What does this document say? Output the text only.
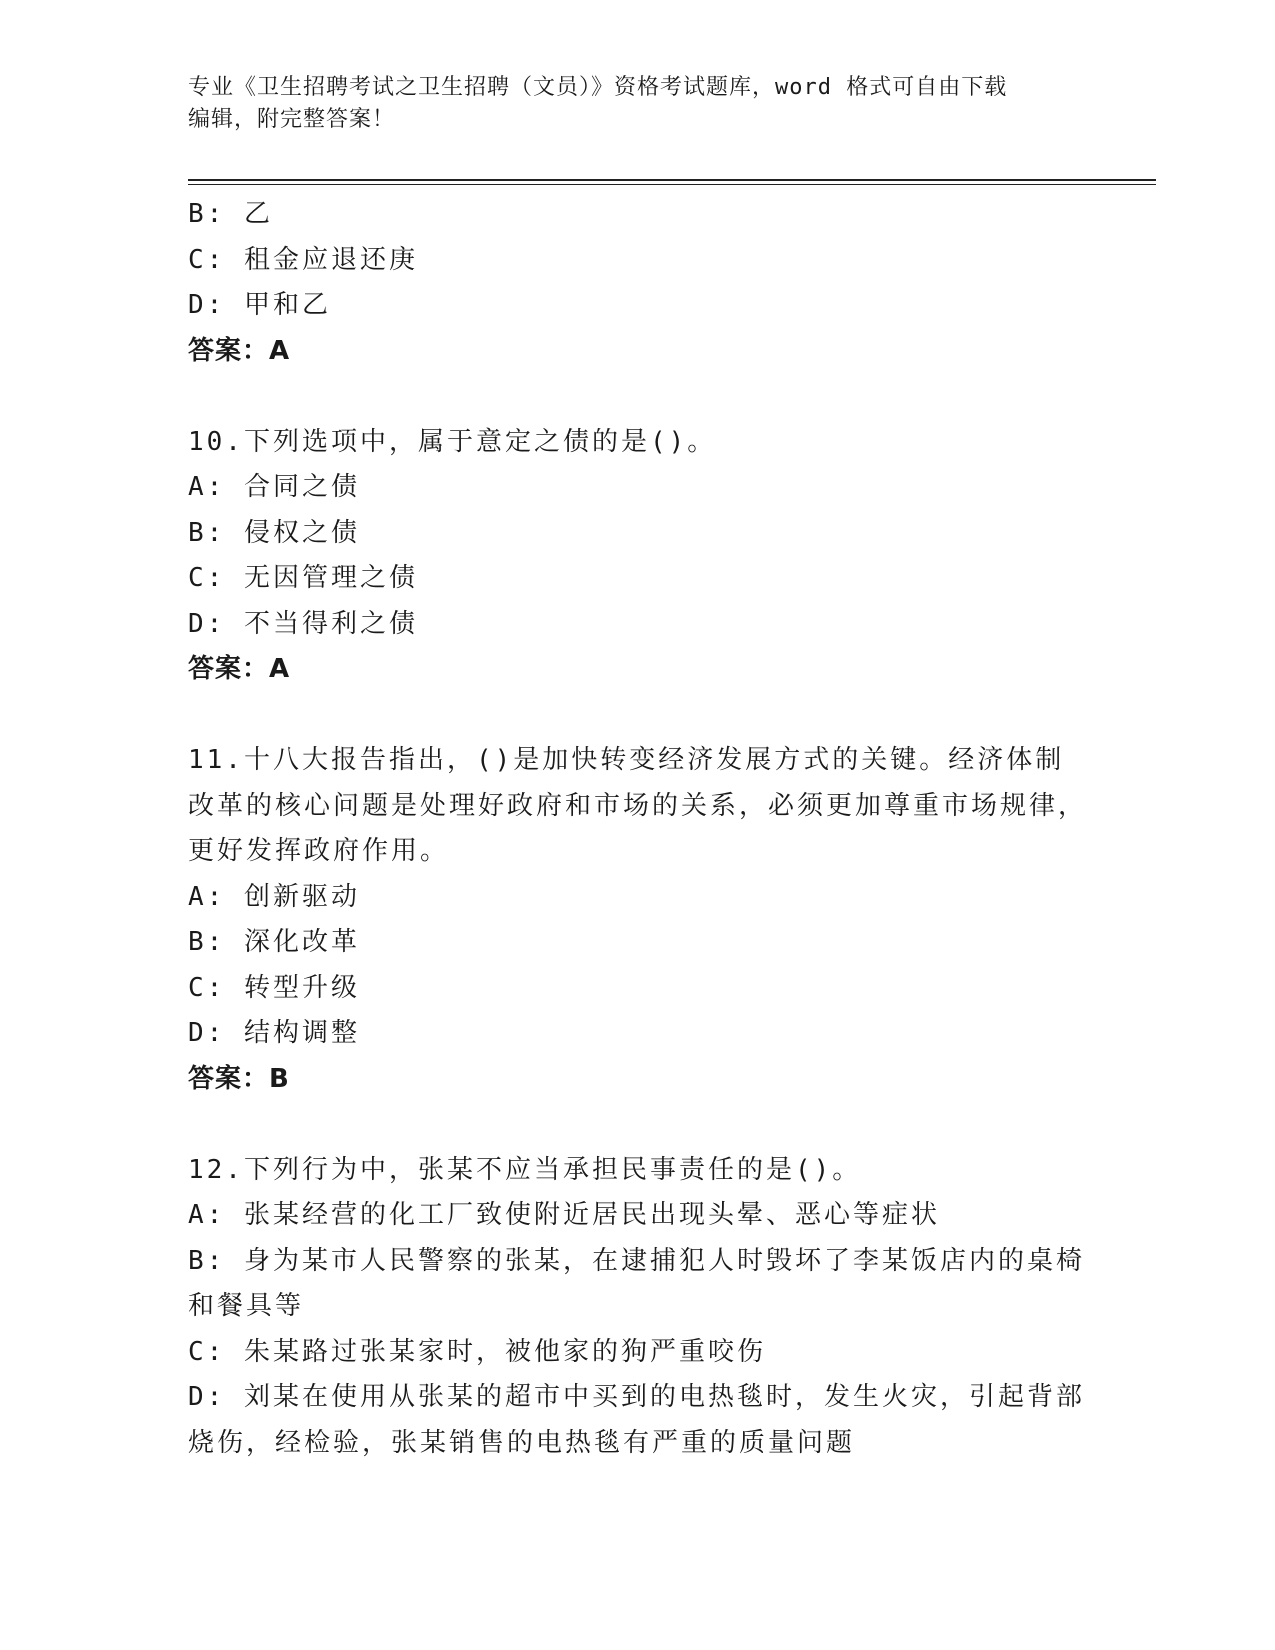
专业《卫生招聘考试之卫生招聘（文员）》资格考试题库，word 格式可自由下载
编辑，附完整答案！
B: 乙
C: 租金应退还庚
D: 甲和乙
答案：A
10.下列选项中，属于意定之债的是()。
A: 合同之债
B: 侵权之债
C: 无因管理之债
D: 不当得利之债
答案：A
11.十八大报告指出，()是加快转变经济发展方式的关键。经济体制改革的核心问题是处理好政府和市场的关系，必须更加尊重市场规律，更好发挥政府作用。
A: 创新驱动
B: 深化改革
C: 转型升级
D: 结构调整
答案：B
12.下列行为中，张某不应当承担民事责任的是()。
A: 张某经营的化工厂致使附近居民出现头晕、恶心等症状
B: 身为某市人民警察的张某，在逮捕犯人时毁坏了李某饭店内的桌椅和餐具等
C: 朱某路过张某家时，被他家的狗严重咬伤
D: 刘某在使用从张某的超市中买到的电热毯时，发生火灾，引起背部烧伤，经检验，张某销售的电热毯有严重的质量问题
